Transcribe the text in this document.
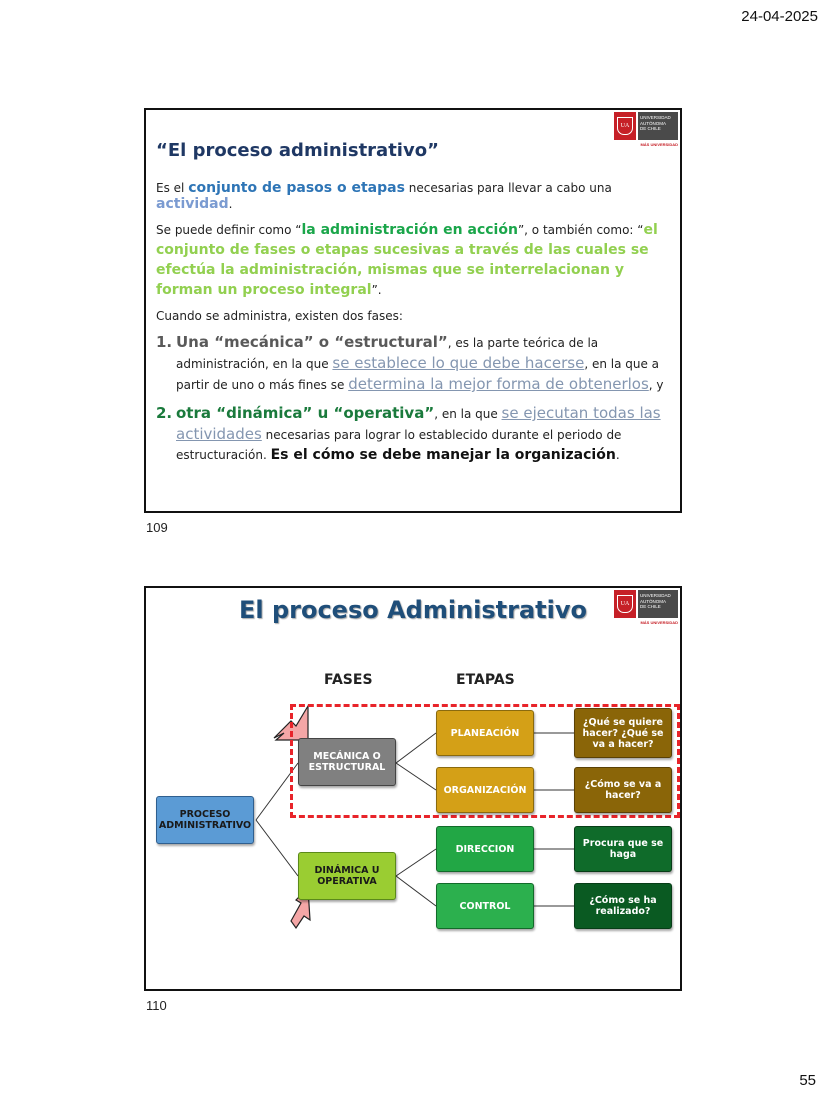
24-04-2025
UA
UNIVERSIDAD
AUTÓNOMA
DE CHILE
MÁS UNIVERSIDAD
“El proceso administrativo”

Es el conjunto de pasos o etapas necesarias para llevar a cabo una actividad.

Se puede definir como “la administración en acción”, o también como: “el conjunto de fases o etapas sucesivas a través de las cuales se efectúa la administración, mismas que se interrelacionan y forman un proceso integral”.

Cuando se administra, existen dos fases:

1. Una “mecánica” o “estructural”, es la parte teórica de la administración, en la que se establece lo que debe hacerse, en la que a partir de uno o más fines se determina la mejor forma de obtenerlos, y
2. otra “dinámica” u “operativa”, en la que se ejecutan todas las actividades necesarias para lograr lo establecido durante el periodo de estructuración. Es el cómo se debe manejar la organización.
109
UA
UNIVERSIDAD
AUTÓNOMA
DE CHILE
MÁS UNIVERSIDAD
El proceso Administrativo
FASES	ETAPAS
PROCESO ADMINISTRATIVO
MECÁNICA O ESTRUCTURAL
DINÁMICA U OPERATIVA
PLANEACIÓN
ORGANIZACIÓN
DIRECCION
CONTROL
¿Qué se quiere hacer? ¿Qué se va a hacer?
¿Cómo se va a hacer?
Procura que se haga
¿Cómo se ha realizado?
110
55
